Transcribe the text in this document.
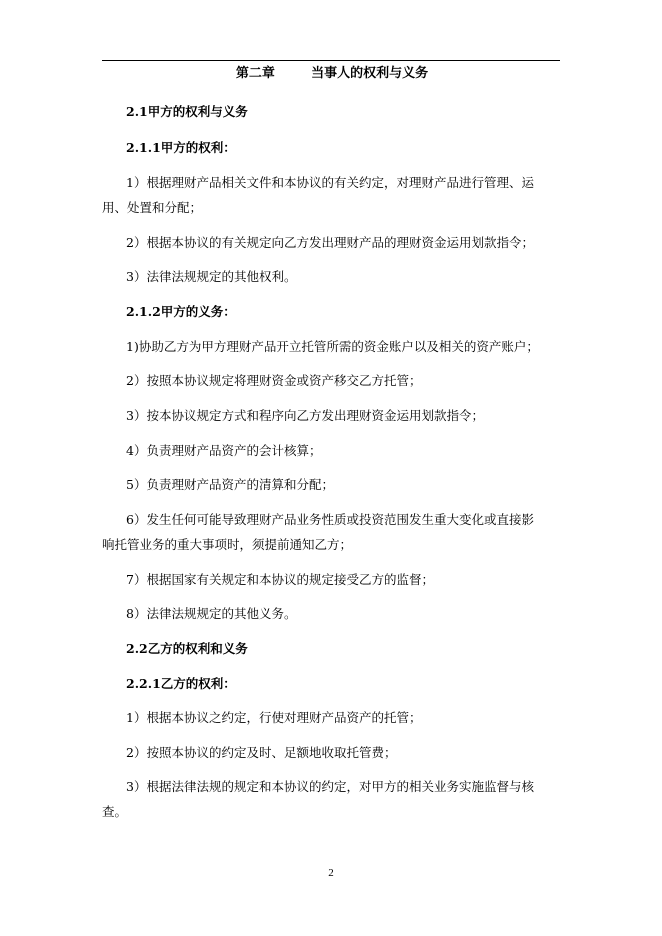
第二章        当事人的权利与义务
2.1甲方的权利与义务
2.1.1甲方的权利：
1）根据理财产品相关文件和本协议的有关约定，对理财产品进行管理、运
用、处置和分配；
2）根据本协议的有关规定向乙方发出理财产品的理财资金运用划款指令；
3）法律法规规定的其他权利。
2.1.2甲方的义务：
1)协助乙方为甲方理财产品开立托管所需的资金账户以及相关的资产账户；
2）按照本协议规定将理财资金或资产移交乙方托管；
3）按本协议规定方式和程序向乙方发出理财资金运用划款指令；
4）负责理财产品资产的会计核算；
5）负责理财产品资产的清算和分配；
6）发生任何可能导致理财产品业务性质或投资范围发生重大变化或直接影
响托管业务的重大事项时，须提前通知乙方；
7）根据国家有关规定和本协议的规定接受乙方的监督；
8）法律法规规定的其他义务。
2.2乙方的权利和义务
2.2.1乙方的权利：
1）根据本协议之约定，行使对理财产品资产的托管；
2）按照本协议的约定及时、足额地收取托管费；
3）根据法律法规的规定和本协议的约定，对甲方的相关业务实施监督与核
查。
2
